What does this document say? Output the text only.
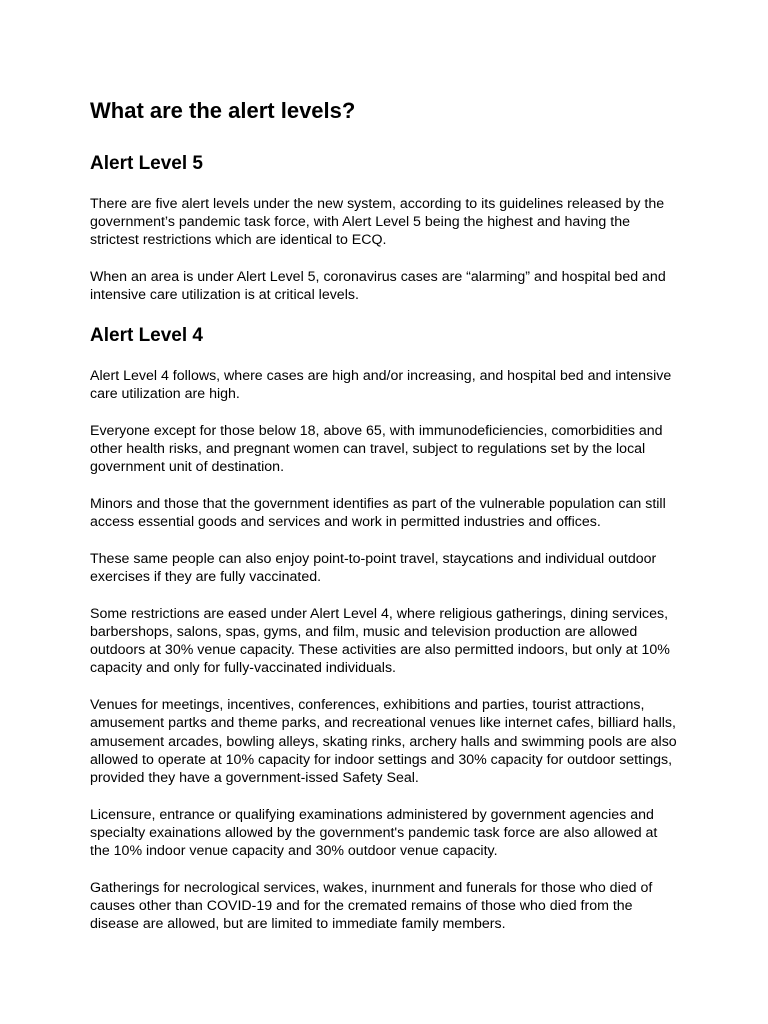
What are the alert levels?
Alert Level 5

There are five alert levels under the new system, according to its guidelines released by the government’s pandemic task force, with Alert Level 5 being the highest and having the strictest restrictions which are identical to ECQ.

When an area is under Alert Level 5, coronavirus cases are “alarming” and hospital bed and intensive care utilization is at critical levels.

Alert Level 4

Alert Level 4 follows, where cases are high and/or increasing, and hospital bed and intensive care utilization are high.

Everyone except for those below 18, above 65, with immunodeficiencies, comorbidities and other health risks, and pregnant women can travel, subject to regulations set by the local government unit of destination.

Minors and those that the government identifies as part of the vulnerable population can still access essential goods and services and work in permitted industries and offices.

These same people can also enjoy point-to-point travel, staycations and individual outdoor exercises if they are fully vaccinated.

Some restrictions are eased under Alert Level 4, where religious gatherings, dining services, barbershops, salons, spas, gyms, and film, music and television production are allowed outdoors at 30% venue capacity. These activities are also permitted indoors, but only at 10% capacity and only for fully-vaccinated individuals.

Venues for meetings, incentives, conferences, exhibitions and parties, tourist attractions, amusement partks and theme parks, and recreational venues like internet cafes, billiard halls, amusement arcades, bowling alleys, skating rinks, archery halls and swimming pools are also allowed to operate at 10% capacity for indoor settings and 30% capacity for outdoor settings, provided they have a government-issed Safety Seal.

Licensure, entrance or qualifying examinations administered by government agencies and specialty exainations allowed by the government's pandemic task force are also allowed at the 10% indoor venue capacity and 30% outdoor venue capacity.

Gatherings for necrological services, wakes, inurnment and funerals for those who died of causes other than COVID-19 and for the cremated remains of those who died from the disease are allowed, but are limited to immediate family members.
